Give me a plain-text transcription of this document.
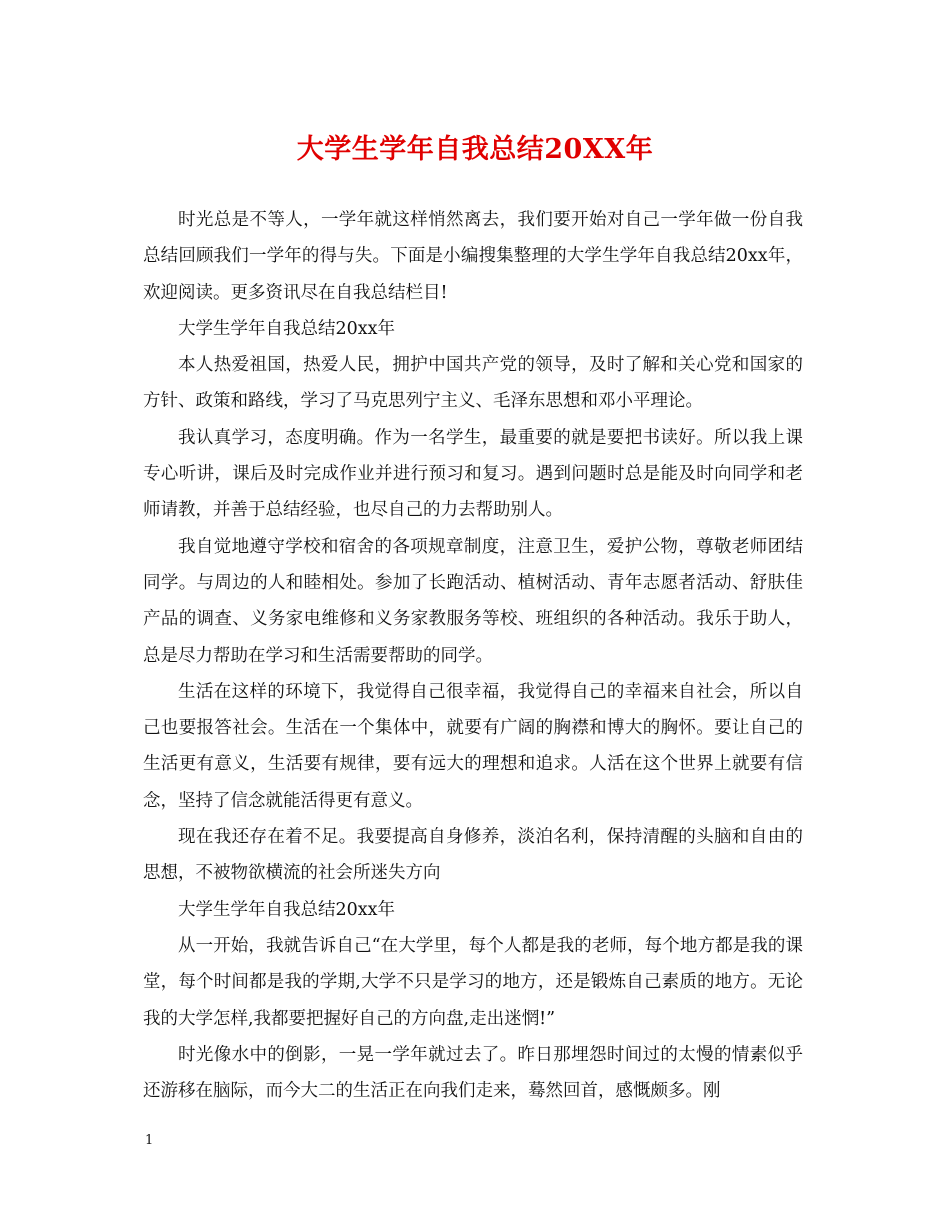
大学生学年自我总结20XX年

时光总是不等人，一学年就这样悄然离去，我们要开始对自己一学年做一份自我总结回顾我们一学年的得与失。下面是小编搜集整理的大学生学年自我总结20xx年，欢迎阅读。更多资讯尽在自我总结栏目!

大学生学年自我总结20xx年

本人热爱祖国，热爱人民，拥护中国共产党的领导，及时了解和关心党和国家的方针、政策和路线，学习了马克思列宁主义、毛泽东思想和邓小平理论。

我认真学习，态度明确。作为一名学生，最重要的就是要把书读好。所以我上课专心听讲，课后及时完成作业并进行预习和复习。遇到问题时总是能及时向同学和老师请教，并善于总结经验，也尽自己的力去帮助别人。

我自觉地遵守学校和宿舍的各项规章制度，注意卫生，爱护公物，尊敬老师团结同学。与周边的人和睦相处。参加了长跑活动、植树活动、青年志愿者活动、舒肤佳产品的调查、义务家电维修和义务家教服务等校、班组织的各种活动。我乐于助人，总是尽力帮助在学习和生活需要帮助的同学。

生活在这样的环境下，我觉得自己很幸福，我觉得自己的幸福来自社会，所以自己也要报答社会。生活在一个集体中，就要有广阔的胸襟和博大的胸怀。要让自己的生活更有意义，生活要有规律，要有远大的理想和追求。人活在这个世界上就要有信念，坚持了信念就能活得更有意义。

现在我还存在着不足。我要提高自身修养，淡泊名利，保持清醒的头脑和自由的思想，不被物欲横流的社会所迷失方向

大学生学年自我总结20xx年

从一开始，我就告诉自己“在大学里，每个人都是我的老师，每个地方都是我的课堂，每个时间都是我的学期,大学不只是学习的地方，还是锻炼自己素质的地方。无论我的大学怎样,我都要把握好自己的方向盘,走出迷惘!”

时光像水中的倒影，一晃一学年就过去了。昨日那埋怨时间过的太慢的情素似乎还游移在脑际，而今大二的生活正在向我们走来，蓦然回首，感慨颇多。刚

1
